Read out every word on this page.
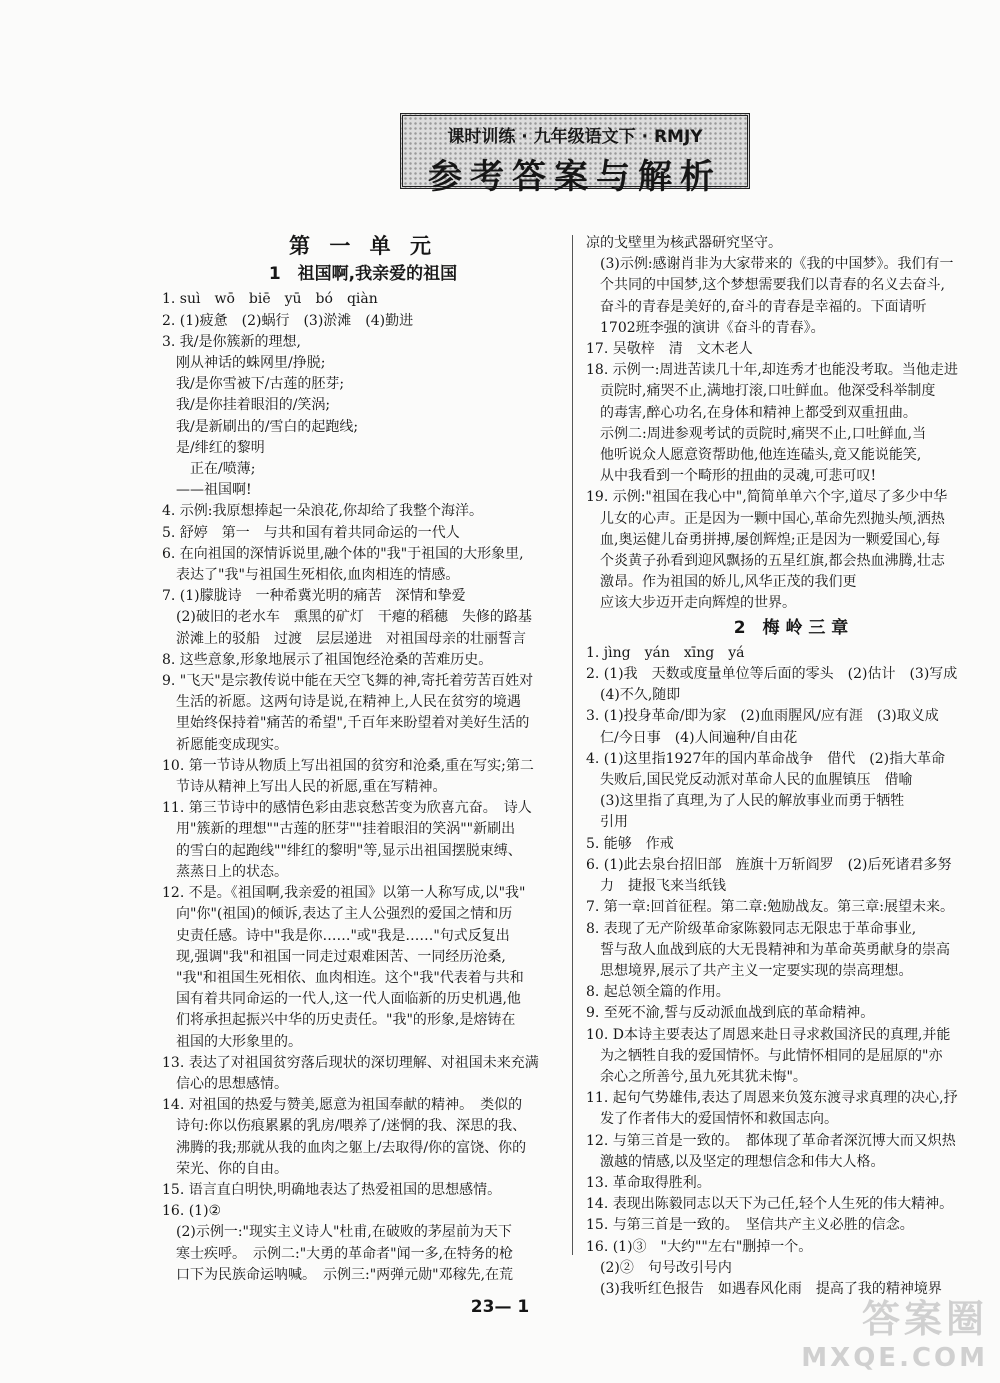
课时训练 · 九年级语文下 · RMJY
参考答案与解析
第 一 单 元
1　祖国啊,我亲爱的祖国
1. suì　wō　biē　yū　bó　qiàn
2. (1)疲惫　(2)蜗行　(3)淤滩　(4)勤进
3. 我/是你簇新的理想,
　刚从神话的蛛网里/挣脱;
　我/是你雪被下/古莲的胚芽;
　我/是你挂着眼泪的/笑涡;
　我/是新刷出的/雪白的起跑线;
　是/绯红的黎明
　　正在/喷薄;
　——祖国啊!
4. 示例:我原想捧起一朵浪花,你却给了我整个海洋。
5. 舒婷　第一　与共和国有着共同命运的一代人
6. 在向祖国的深情诉说里,融个体的"我"于祖国的大形象里,
　表达了"我"与祖国生死相依,血肉相连的情感。
7. (1)朦胧诗　一种希冀光明的痛苦　深情和挚爱
　(2)破旧的老水车　熏黑的矿灯　干瘪的稻穗　失修的路基
　淤滩上的驳船　过渡　层层递进　对祖国母亲的壮丽誓言
8. 这些意象,形象地展示了祖国饱经沧桑的苦难历史。
9. "飞天"是宗教传说中能在天空飞舞的神,寄托着劳苦百姓对
　生活的祈愿。这两句诗是说,在精神上,人民在贫穷的境遇
　里始终保持着"痛苦的希望",千百年来盼望着对美好生活的
　祈愿能变成现实。
10. 第一节诗从物质上写出祖国的贫穷和沧桑,重在写实;第二
　节诗从精神上写出人民的祈愿,重在写精神。
11. 第三节诗中的感情色彩由悲哀愁苦变为欣喜亢奋。　诗人
　用"簇新的理想""古莲的胚芽""挂着眼泪的笑涡""新刷出
　的雪白的起跑线""绯红的黎明"等,显示出祖国摆脱束缚、
　蒸蒸日上的状态。
12. 不是。《祖国啊,我亲爱的祖国》以第一人称写成,以"我"
　向"你"(祖国)的倾诉,表达了主人公强烈的爱国之情和历
　史责任感。诗中"我是你……"或"我是……"句式反复出
　现,强调"我"和祖国一同走过艰难困苦、一同经历沧桑,
　"我"和祖国生死相依、血肉相连。这个"我"代表着与共和
　国有着共同命运的一代人,这一代人面临新的历史机遇,他
　们将承担起振兴中华的历史责任。"我"的形象,是熔铸在
　祖国的大形象里的。
13. 表达了对祖国贫穷落后现状的深切理解、对祖国未来充满
　信心的思想感情。
14. 对祖国的热爱与赞美,愿意为祖国奉献的精神。　类似的
　诗句:你以伤痕累累的乳房/喂养了/迷惘的我、深思的我、
　沸腾的我;那就从我的血肉之躯上/去取得/你的富饶、你的
　荣光、你的自由。
15. 语言直白明快,明确地表达了热爱祖国的思想感情。
16. (1)②
　(2)示例一:"现实主义诗人"杜甫,在破败的茅屋前为天下
　寒士疾呼。　示例二:"大勇的革命者"闻一多,在特务的枪
　口下为民族命运呐喊。　示例三:"两弹元勋"邓稼先,在荒
凉的戈壁里为核武器研究坚守。
　(3)示例:感谢肖非为大家带来的《我的中国梦》。我们有一
　个共同的中国梦,这个梦想需要我们以青春的名义去奋斗,
　奋斗的青春是美好的,奋斗的青春是幸福的。下面请听
　1702班李强的演讲《奋斗的青春》。
17. 吴敬梓　清　文木老人
18. 示例一:周进苦读几十年,却连秀才也能没考取。当他走进
　贡院时,痛哭不止,满地打滚,口吐鲜血。他深受科举制度
　的毒害,醉心功名,在身体和精神上都受到双重扭曲。
　示例二:周进参观考试的贡院时,痛哭不止,口吐鲜血,当
　他听说众人愿意资帮助他,他连连磕头,竟又能说能笑,
　从中我看到一个畸形的扭曲的灵魂,可悲可叹!
19. 示例:"祖国在我心中",简简单单六个字,道尽了多少中华
　儿女的心声。正是因为一颗中国心,革命先烈抛头颅,洒热
　血,奥运健儿奋勇拼搏,屡创辉煌;正是因为一颗爱国心,每
　个炎黄子孙看到迎风飘扬的五星红旗,都会热血沸腾,壮志
　激昂。作为祖国的娇儿,风华正茂的我们更
　应该大步迈开走向辉煌的世界。
2　梅 岭 三 章
1. jìng　yán　xīng　yá
2. (1)我　天数或度量单位等后面的零头　(2)估计　(3)写成
　(4)不久,随即
3. (1)投身革命/即为家　(2)血雨腥风/应有涯　(3)取义成
　仁/今日事　(4)人间遍种/自由花
4. (1)这里指1927年的国内革命战争　借代　(2)指大革命
　失败后,国民党反动派对革命人民的血腥镇压　借喻
　(3)这里指了真理,为了人民的解放事业而勇于牺牲
　引用
5. 能够　作戒
6. (1)此去泉台招旧部　旌旗十万斩阎罗　(2)后死诸君多努
　力　捷报飞来当纸钱
7. 第一章:回首征程。第二章:勉励战友。第三章:展望未来。
8. 表现了无产阶级革命家陈毅同志无限忠于革命事业,
　誓与敌人血战到底的大无畏精神和为革命英勇献身的崇高
　思想境界,展示了共产主义一定要实现的崇高理想。
8. 起总领全篇的作用。
9. 至死不渝,誓与反动派血战到底的革命精神。
10. D本诗主要表达了周恩来赴日寻求救国济民的真理,并能
　为之牺牲自我的爱国情怀。与此情怀相同的是屈原的"亦
　余心之所善兮,虽九死其犹未悔"。
11. 起句气势雄伟,表达了周恩来负笈东渡寻求真理的决心,抒
　发了作者伟大的爱国情怀和救国志向。
12. 与第三首是一致的。　都体现了革命者深沉博大而又炽热
　激越的情感,以及坚定的理想信念和伟大人格。
13. 革命取得胜利。
14. 表现出陈毅同志以天下为己任,轻个人生死的伟大精神。
15. 与第三首是一致的。　坚信共产主义必胜的信念。
16. (1)③　"大约""左右"删掉一个。
　(2)②　句号改引号内
　(3)我听红色报告　如遇春风化雨　提高了我的精神境界
23— 1	答案圈
MXQE.COM
